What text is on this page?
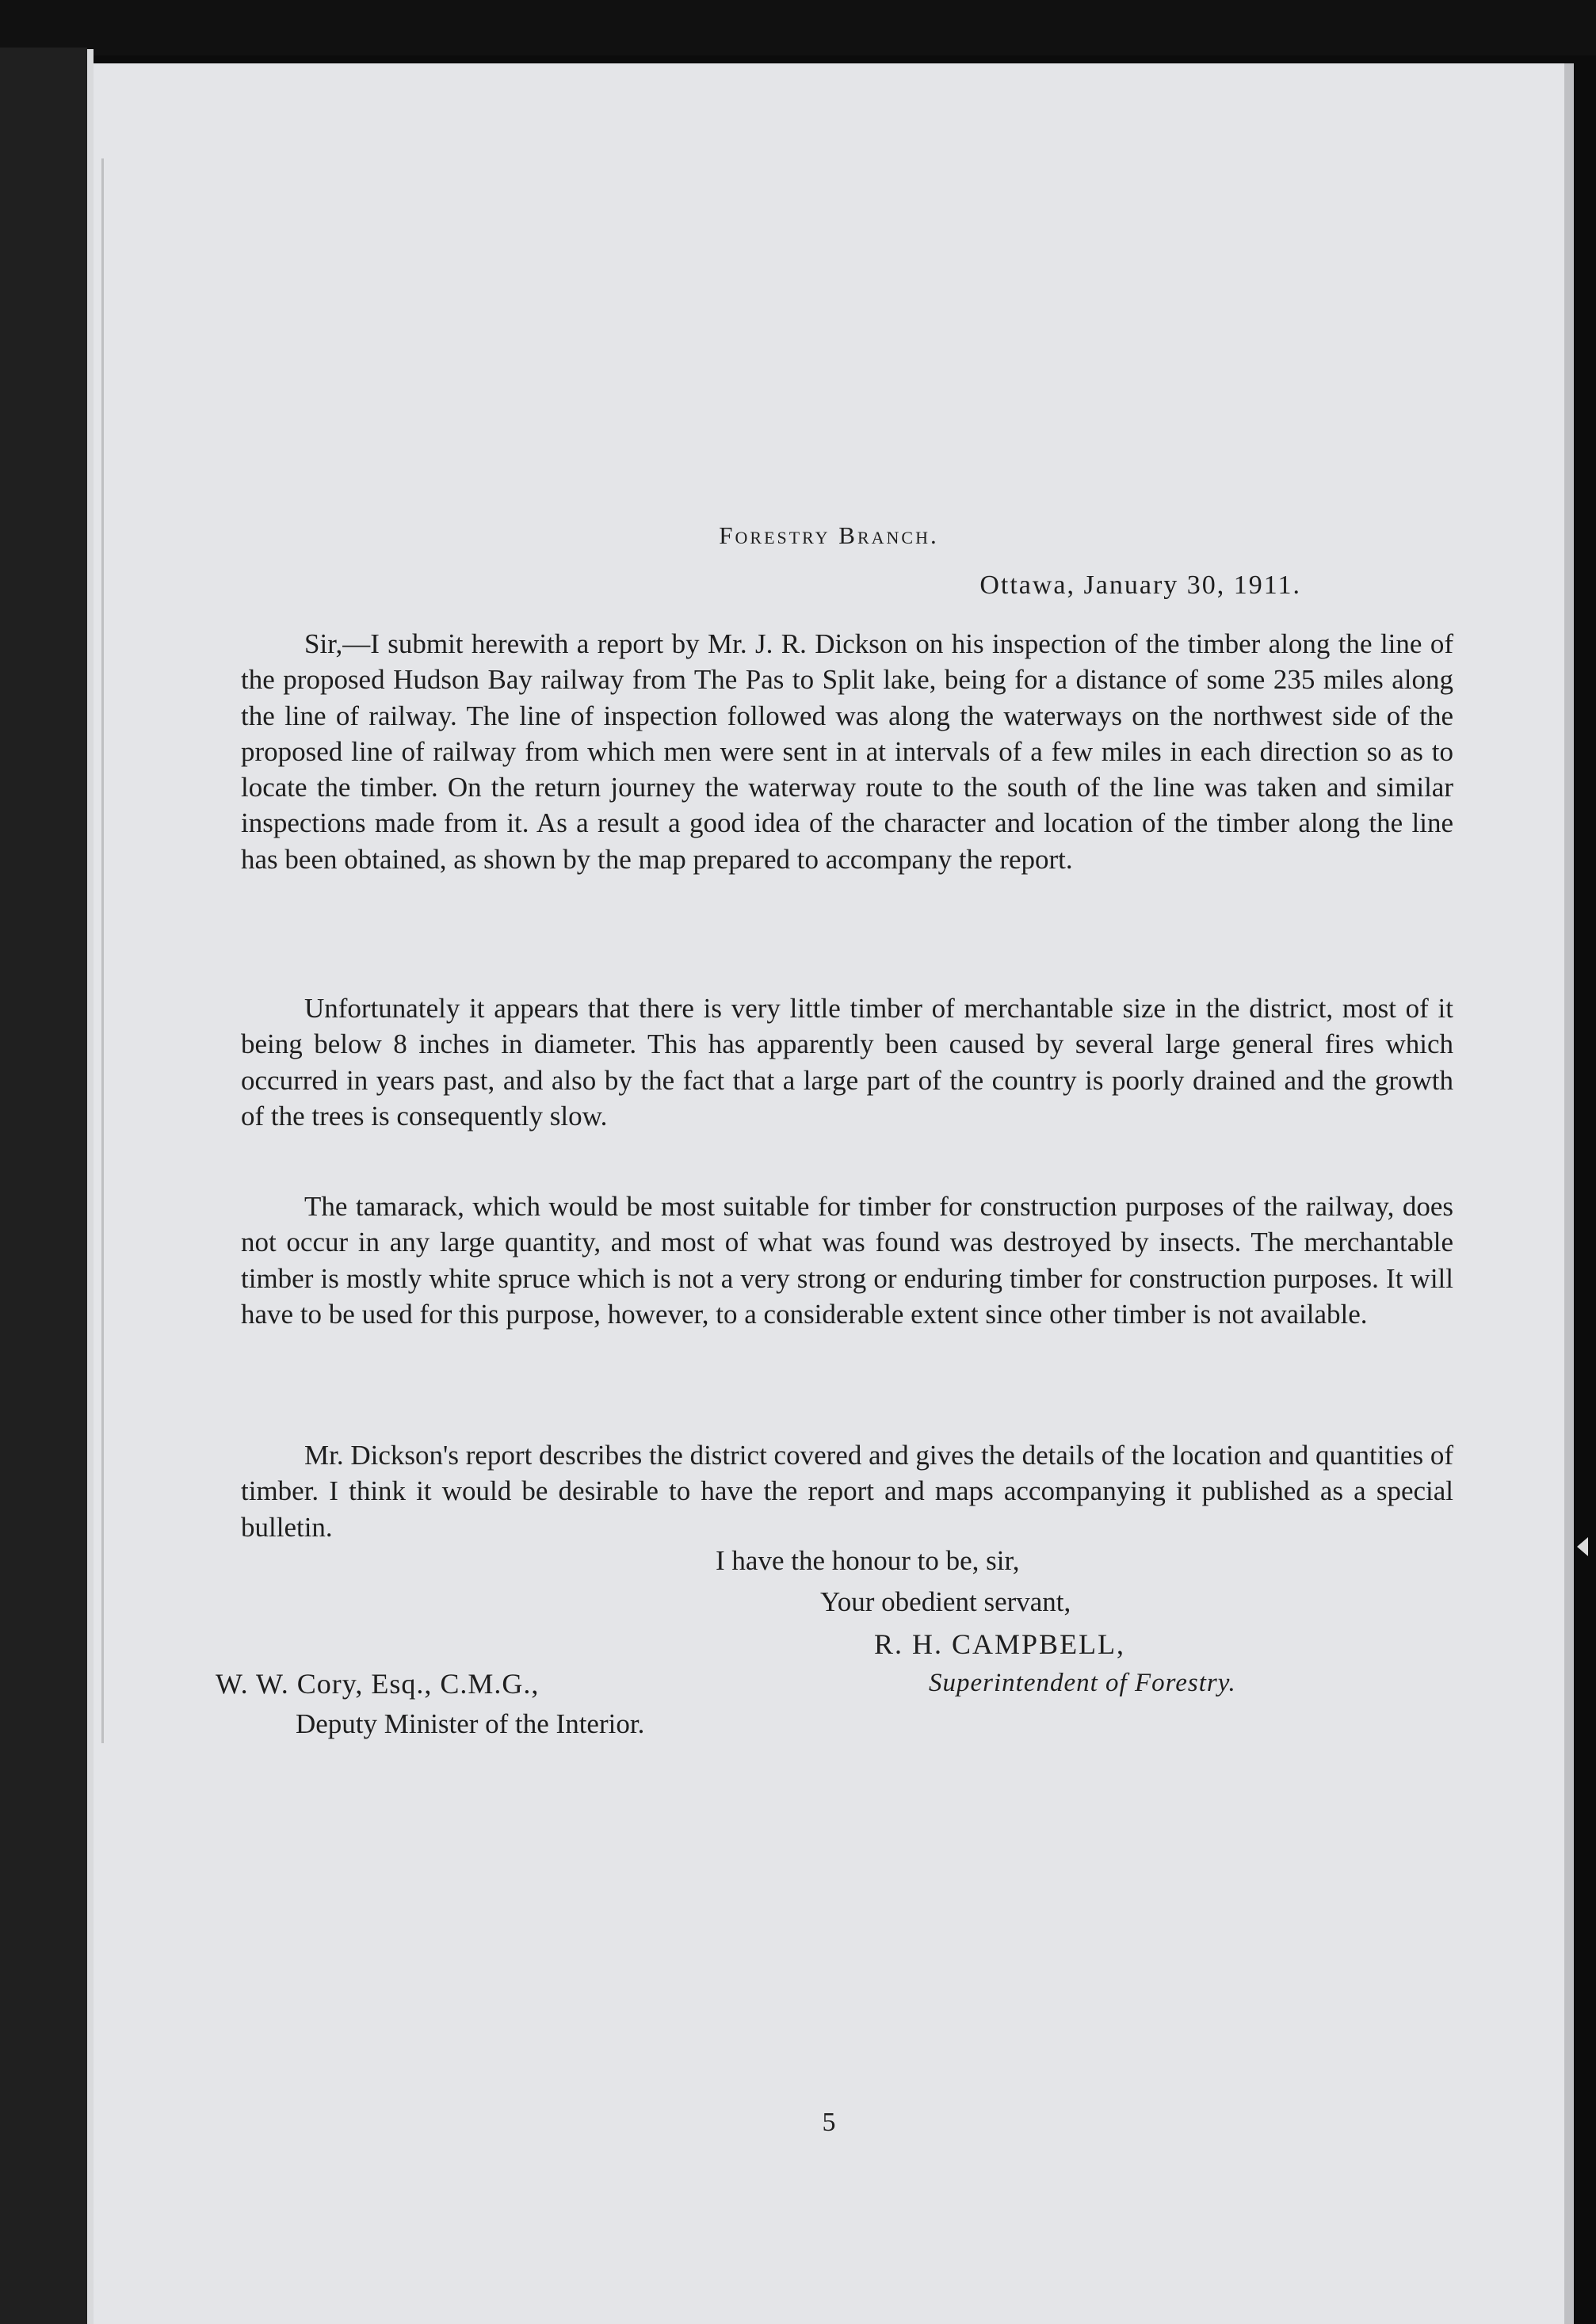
Forestry Branch.
Ottawa, January 30, 1911.
Sir,—I submit herewith a report by Mr. J. R. Dickson on his inspection of the timber along the line of the proposed Hudson Bay railway from The Pas to Split lake, being for a distance of some 235 miles along the line of railway. The line of inspection followed was along the waterways on the northwest side of the proposed line of railway from which men were sent in at intervals of a few miles in each direction so as to locate the timber. On the return journey the waterway route to the south of the line was taken and similar inspections made from it. As a result a good idea of the character and location of the timber along the line has been obtained, as shown by the map prepared to accompany the report.
Unfortunately it appears that there is very little timber of merchantable size in the district, most of it being below 8 inches in diameter. This has apparently been caused by several large general fires which occurred in years past, and also by the fact that a large part of the country is poorly drained and the growth of the trees is consequently slow.
The tamarack, which would be most suitable for timber for construction purposes of the railway, does not occur in any large quantity, and most of what was found was destroyed by insects. The merchantable timber is mostly white spruce which is not a very strong or enduring timber for construction purposes. It will have to be used for this purpose, however, to a considerable extent since other timber is not available.
Mr. Dickson's report describes the district covered and gives the details of the location and quantities of timber. I think it would be desirable to have the report and maps accompanying it published as a special bulletin.
I have the honour to be, sir,
Your obedient servant,
R. H. CAMPBELL,
Superintendent of Forestry.
W. W. Cory, Esq., C.M.G.,
Deputy Minister of the Interior.
5
